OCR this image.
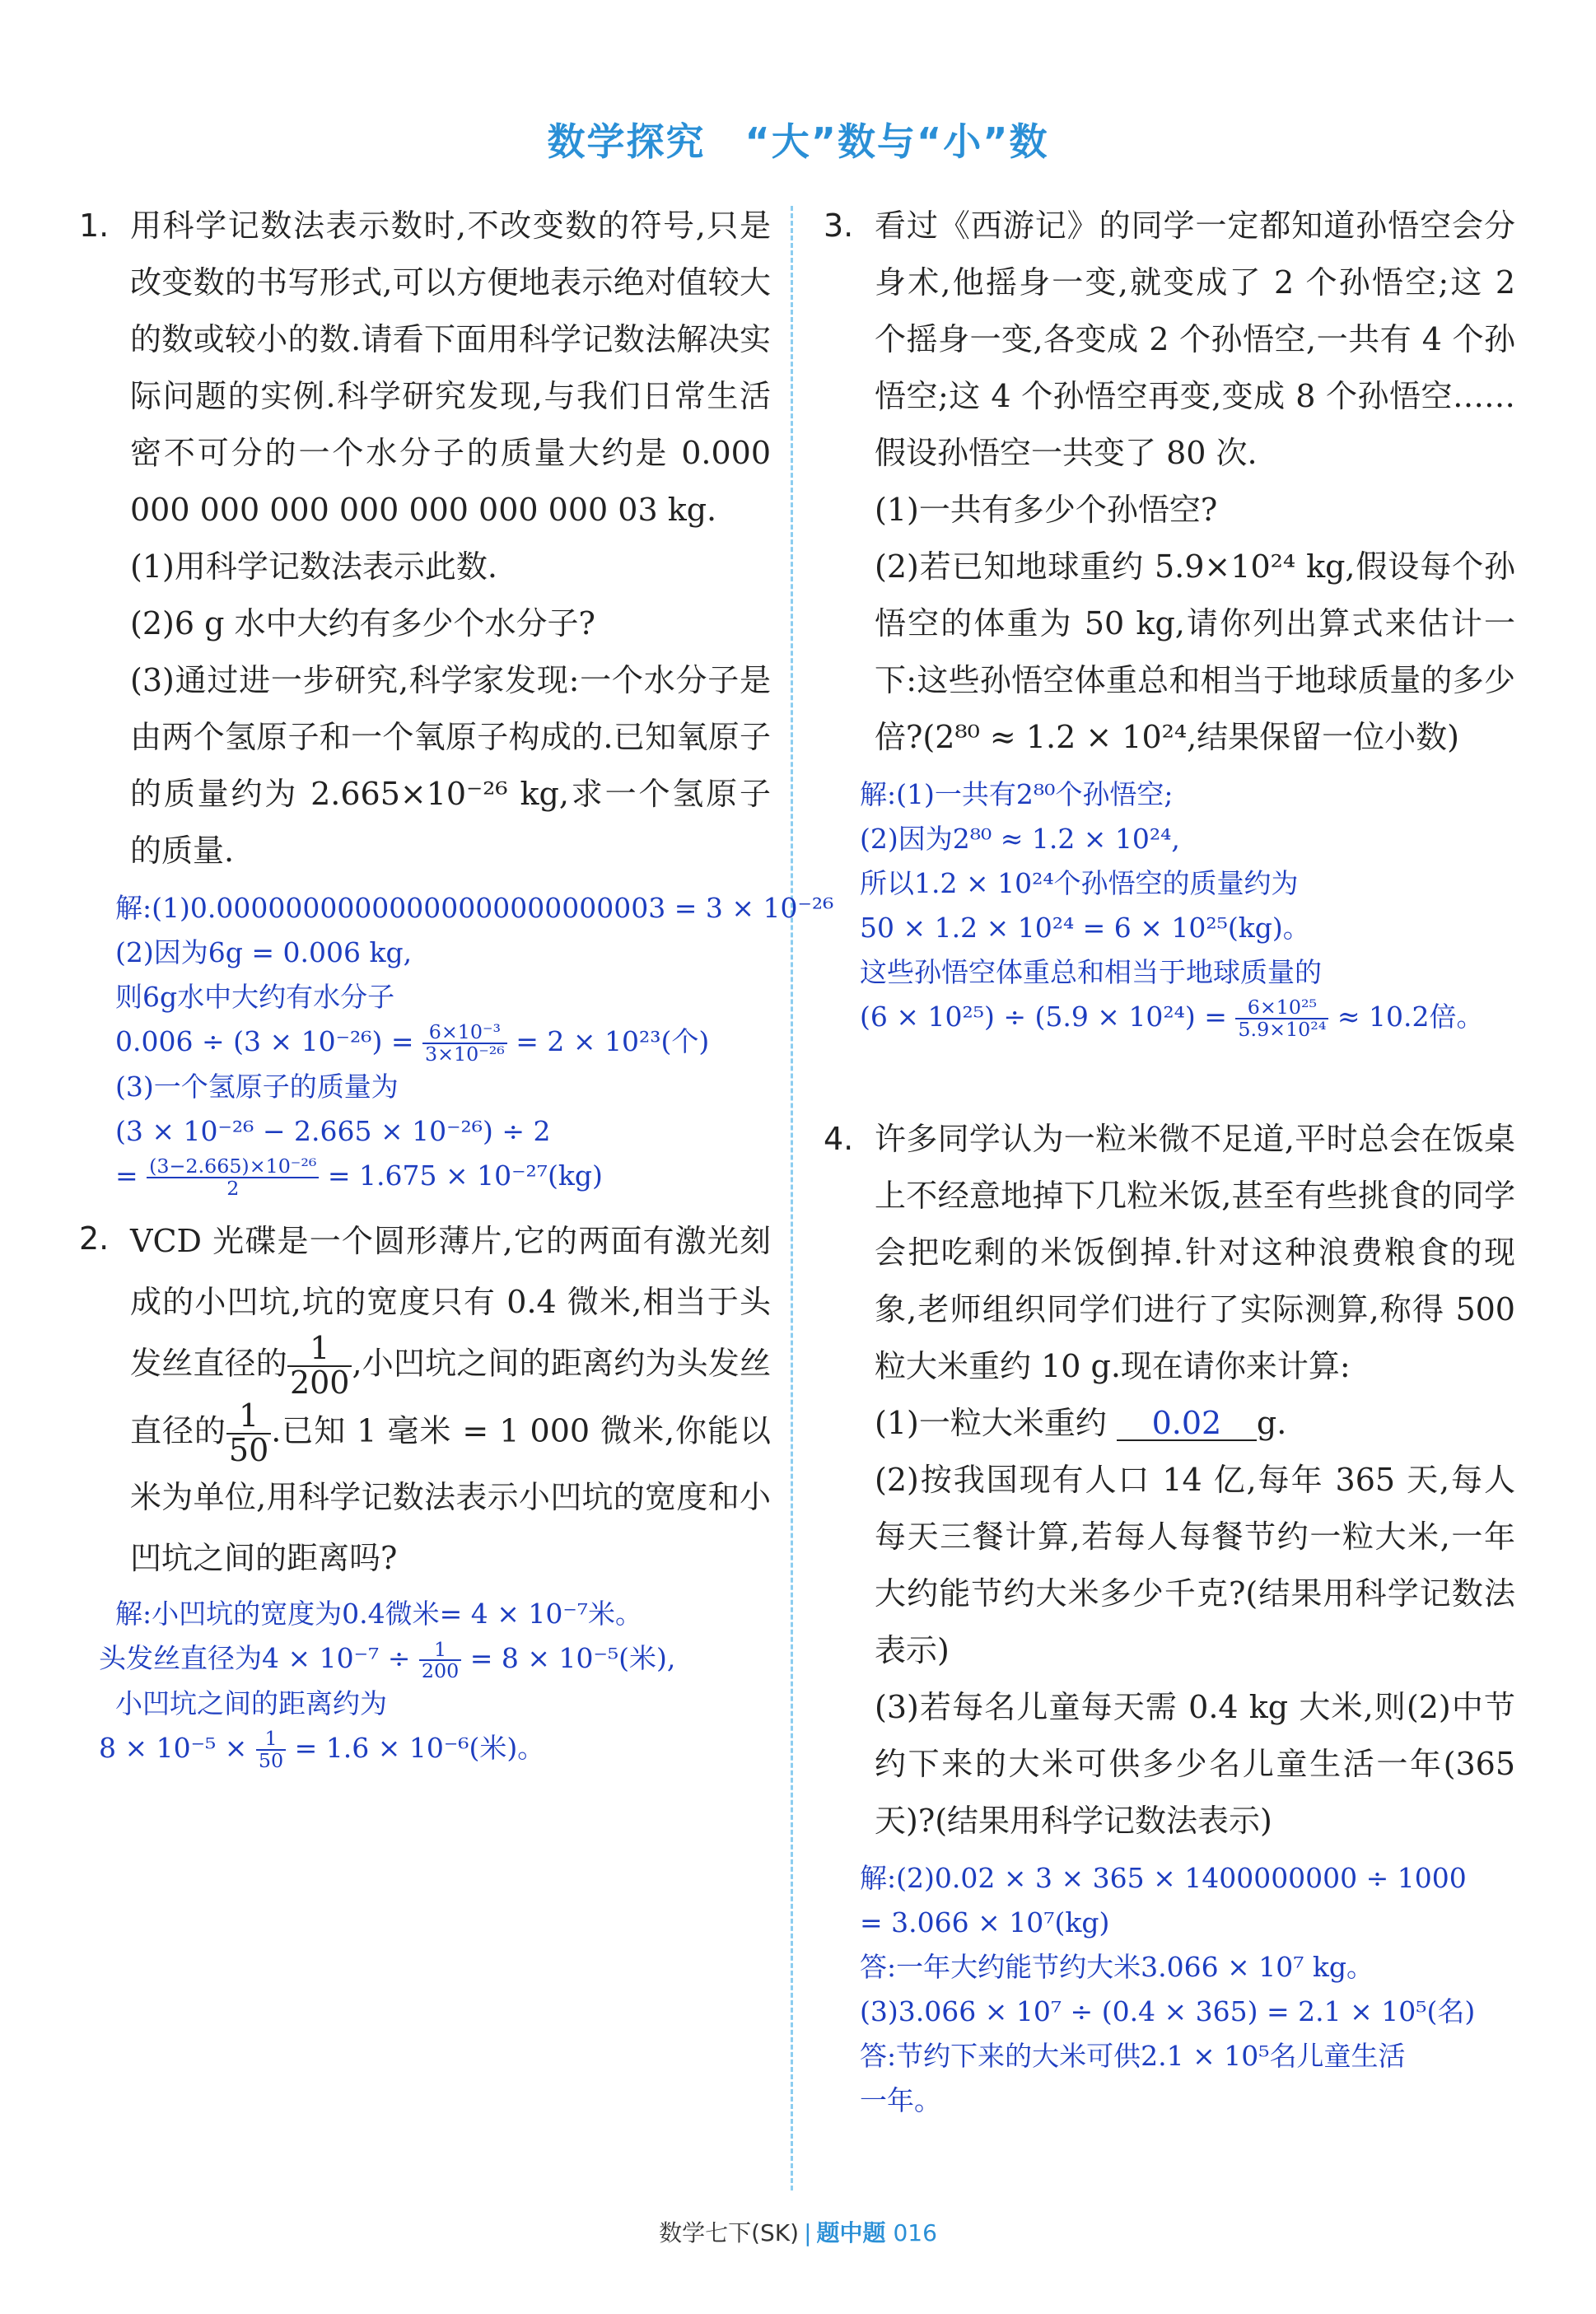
数学探究　“大”数与“小”数
1. 用科学记数法表示数时,不改变数的符号,只是改变数的书写形式,可以方便地表示绝对值较大的数或较小的数.请看下面用科学记数法解决实际问题的实例.科学研究发现,与我们日常生活密不可分的一个水分子的质量大约是 0.000 000 000 000 000 000 000 000 03 kg.
(1)用科学记数法表示此数.
(2)6 g 水中大约有多少个水分子?
(3)通过进一步研究,科学家发现:一个水分子是由两个氢原子和一个氧原子构成的.已知氧原子的质量约为 2.665×10⁻²⁶ kg,求一个氢原子的质量.
解:(1)0.00000000000000000000000003 = 3 × 10⁻²⁶
(2)因为6g = 0.006 kg,
则6g水中大约有水分子
$0.006 \div (3 \times 10^{-26}) = \frac{\text{6×10⁻³}}{\text{3×10⁻²⁶}} = 2 \times 10^{23}$(个)
(3)一个氢原子的质量为
(3 × 10⁻²⁶ − 2.665 × 10⁻²⁶) ÷ 2
= $\frac{\text{(3−2.665)×10⁻²⁶}}{2} = 1.675 \times 10^{-27}(kg)$
2. VCD 光碟是一个圆形薄片,它的两面有激光刻成的小凹坑,坑的宽度只有 0.4 微米,相当于头发丝直径的 $\frac{1}{200}$ ,小凹坑之间的距离约为头发丝直径的 $\frac{1}{50}$ .已知 1 毫米 = 1 000 微米,你能以米为单位,用科学记数法表示小凹坑的宽度和小凹坑之间的距离吗?
解:小凹坑的宽度为0.4微米= 4 × 10⁻⁷米。
头发丝直径为$4 \times 10^{-7} \div \frac{1}{200} = 8 \times 10^{-5}$(米),
小凹坑之间的距离约为
$8 \times 10^{-5} \times \frac{1}{50} = 1.6 \times 10^{-6}$(米)。
3. 看过《西游记》的同学一定都知道孙悟空会分身术,他摇身一变,就变成了 2 个孙悟空;这 2 个摇身一变,各变成 2 个孙悟空,一共有 4 个孙悟空;这 4 个孙悟空再变,变成 8 个孙悟空……假设孙悟空一共变了 80 次.
(1)一共有多少个孙悟空?
(2)若已知地球重约 5.9×10²⁴ kg,假设每个孙悟空的体重为 50 kg,请你列出算式来估计一下:这些孙悟空体重总和相当于地球质量的多少倍?(2⁸⁰ ≈ 1.2 × 10²⁴,结果保留一位小数)
解:(1)一共有2⁸⁰个孙悟空;
(2)因为2⁸⁰ ≈ 1.2 × 10²⁴,
所以1.2 × 10²⁴个孙悟空的质量约为
50 × 1.2 × 10²⁴ = 6 × 10²⁵(kg)。
这些孙悟空体重总和相当于地球质量的
$(6 \times 10^{25}) \div (5.9 \times 10^{24}) = \frac{\text{6×10²⁵}}{\text{5.9×10²⁴}} \approx 10.2$倍。
4. 许多同学认为一粒米微不足道,平时总会在饭桌上不经意地掉下几粒米饭,甚至有些挑食的同学会把吃剩的米饭倒掉.针对这种浪费粮食的现象,老师组织同学们进行了实际测算,称得 500 粒大米重约 10 g.现在请你来计算:
(1)一粒大米重约 0.02 g.
(2)按我国现有人口 14 亿,每年 365 天,每人每天三餐计算,若每人每餐节约一粒大米,一年大约能节约大米多少千克?(结果用科学记数法表示)
(3)若每名儿童每天需 0.4 kg 大米,则(2)中节约下来的大米可供多少名儿童生活一年(365 天)?(结果用科学记数法表示)
解:(2)0.02 × 3 × 365 × 1400000000 ÷ 1000
= 3.066 × 10⁷(kg)
答:一年大约能节约大米3.066 × 10⁷ kg。
(3)3.066 × 10⁷ ÷ (0.4 × 365) = 2.1 × 10⁵(名)
答:节约下来的大米可供2.1 × 10⁵名儿童生活
一年。
数学七下(SK) | 题中题 016
